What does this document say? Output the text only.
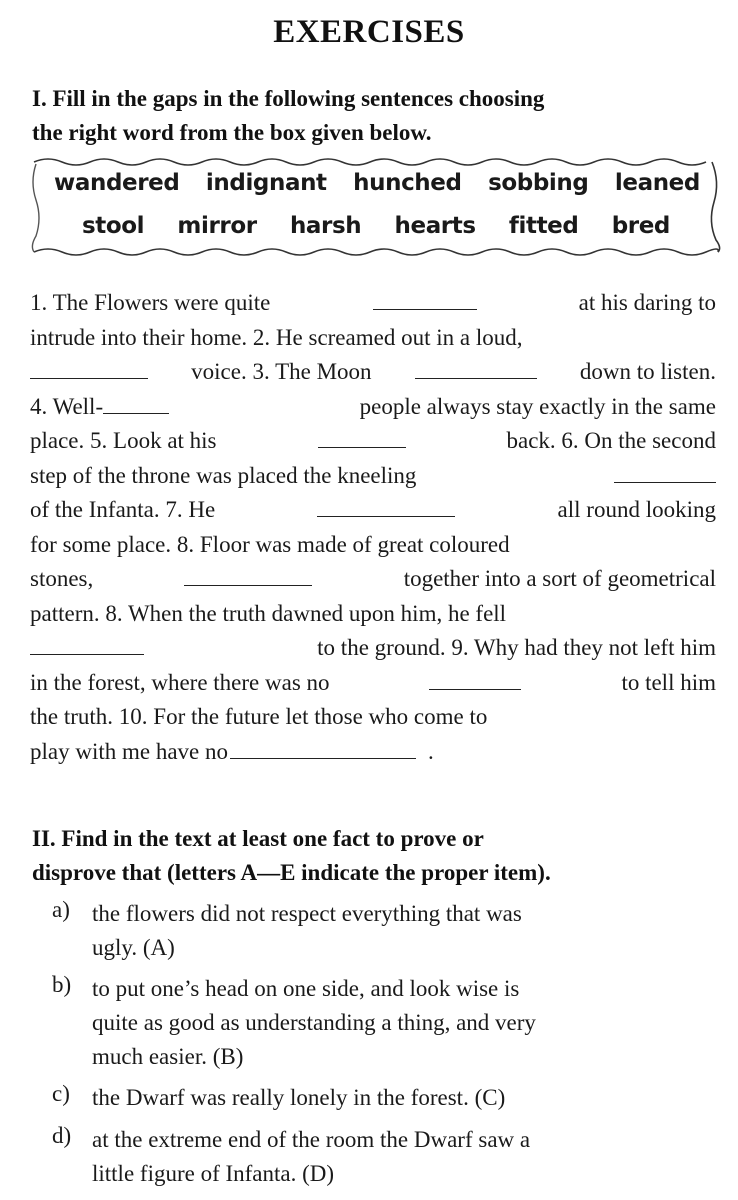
EXERCISES
I. Fill in the gaps in the following sentences choosing
the right word from the box given below.
wandered indignant hunched sobbing leaned
stool mirror harsh hearts fitted bred
1. The Flowers were quite	at his daring to
intrude into their home. 2. He screamed out in a loud,
voice. 3. The Moon	down to listen.
4. Well-	people always stay exactly in the same
place. 5. Look at his	back. 6. On the second
step of the throne was placed the kneeling
of the Infanta. 7. He	all round looking
for some place. 8. Floor was made of great coloured
stones,	together into a sort of geometrical
pattern. 8. When the truth dawned upon him, he fell
to the ground. 9. Why had they not left him
in the forest, where there was no	to tell him
the truth. 10. For the future let those who come to
play with me have no	.
II. Find in the text at least one fact to prove or
disprove that (letters A—E indicate the proper item).
a) the flowers did not respect everything that was
ugly. (A)
b) to put one’s head on one side, and look wise is
quite as good as understanding a thing, and very
much easier. (B)
c) the Dwarf was really lonely in the forest. (C)
d) at the extreme end of the room the Dwarf saw a
little figure of Infanta. (D)
